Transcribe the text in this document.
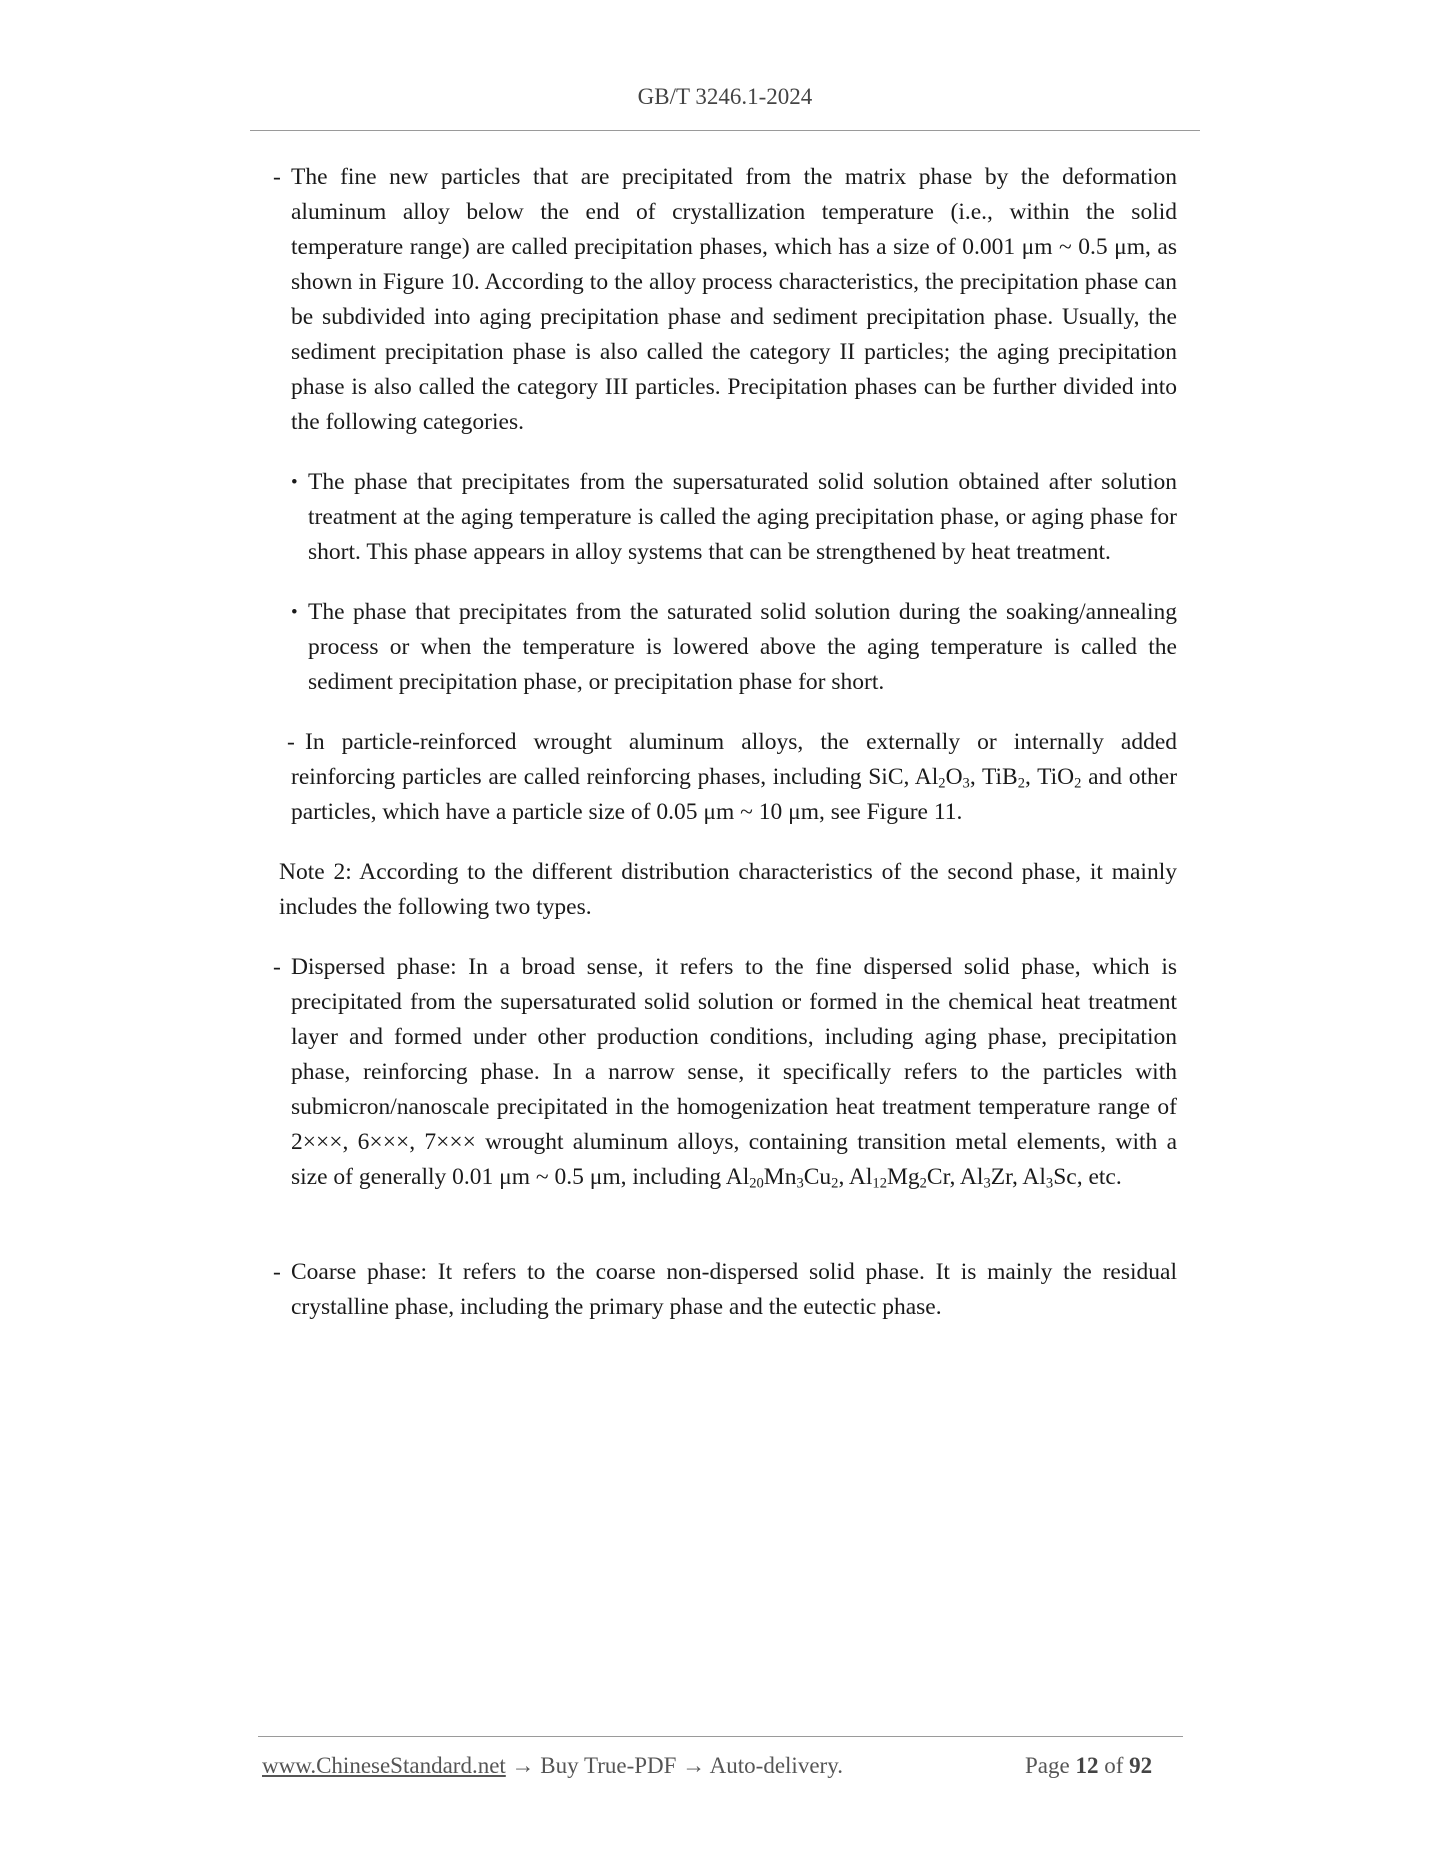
GB/T 3246.1-2024
- The fine new particles that are precipitated from the matrix phase by the deformation aluminum alloy below the end of crystallization temperature (i.e., within the solid temperature range) are called precipitation phases, which has a size of 0.001 μm ~ 0.5 μm, as shown in Figure 10. According to the alloy process characteristics, the precipitation phase can be subdivided into aging precipitation phase and sediment precipitation phase. Usually, the sediment precipitation phase is also called the category II particles; the aging precipitation phase is also called the category III particles. Precipitation phases can be further divided into the following categories.
• The phase that precipitates from the supersaturated solid solution obtained after solution treatment at the aging temperature is called the aging precipitation phase, or aging phase for short. This phase appears in alloy systems that can be strengthened by heat treatment.
• The phase that precipitates from the saturated solid solution during the soaking/annealing process or when the temperature is lowered above the aging temperature is called the sediment precipitation phase, or precipitation phase for short.
- In particle-reinforced wrought aluminum alloys, the externally or internally added reinforcing particles are called reinforcing phases, including SiC, $Al_2O_3$, TiB$_2$, TiO$_2$ and other particles, which have a particle size of 0.05 μm ~ 10 μm, see Figure 11.
Note 2: According to the different distribution characteristics of the second phase, it mainly includes the following two types.
- Dispersed phase: In a broad sense, it refers to the fine dispersed solid phase, which is precipitated from the supersaturated solid solution or formed in the chemical heat treatment layer and formed under other production conditions, including aging phase, precipitation phase, reinforcing phase. In a narrow sense, it specifically refers to the particles with submicron/nanoscale precipitated in the homogenization heat treatment temperature range of 2×××, 6×××, 7××× wrought aluminum alloys, containing transition metal elements, with a size of generally 0.01 μm ~ 0.5 μm, including $Al_{20}Mn_3Cu_2$, $Al_{12}Mg_2Cr$, $Al_3Zr$, $Al_3Sc$, etc.
- Coarse phase: It refers to the coarse non-dispersed solid phase. It is mainly the residual crystalline phase, including the primary phase and the eutectic phase.
www.ChineseStandard.net → Buy True-PDF → Auto-delivery.	Page 12 of 92
